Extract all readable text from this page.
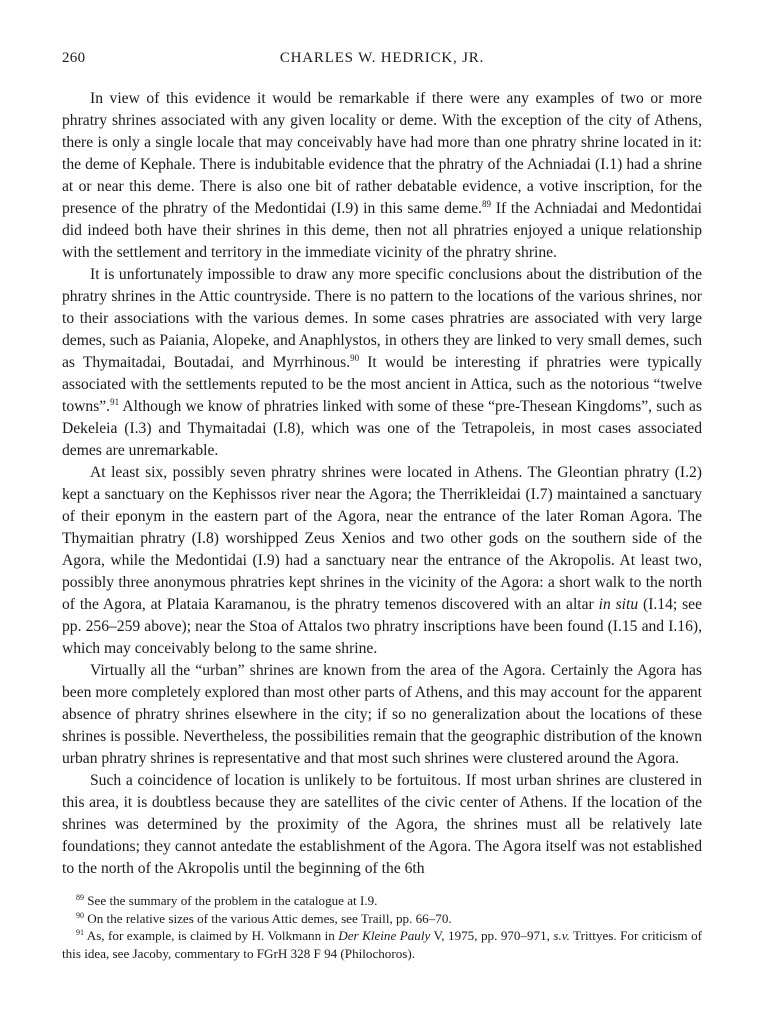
260	CHARLES W. HEDRICK, JR.

In view of this evidence it would be remarkable if there were any examples of two or more phratry shrines associated with any given locality or deme. With the exception of the city of Athens, there is only a single locale that may conceivably have had more than one phratry shrine located in it: the deme of Kephale. There is indubitable evidence that the phratry of the Achniadai (I.1) had a shrine at or near this deme. There is also one bit of rather debatable evidence, a votive inscription, for the presence of the phratry of the Medontidai (I.9) in this same deme.$^{89}$ If the Achniadai and Medontidai did indeed both have their shrines in this deme, then not all phratries enjoyed a unique relationship with the settlement and territory in the immediate vicinity of the phratry shrine.

It is unfortunately impossible to draw any more specific conclusions about the distribution of the phratry shrines in the Attic countryside. There is no pattern to the locations of the various shrines, nor to their associations with the various demes. In some cases phratries are associated with very large demes, such as Paiania, Alopeke, and Anaphlystos, in others they are linked to very small demes, such as Thymaitadai, Boutadai, and Myrrhinous.$^{90}$ It would be interesting if phratries were typically associated with the settlements reputed to be the most ancient in Attica, such as the notorious “twelve towns”.$^{91}$ Although we know of phratries linked with some of these “pre-Thesean Kingdoms”, such as Dekeleia (I.3) and Thymaitadai (I.8), which was one of the Tetrapoleis, in most cases associated demes are unremarkable.

At least six, possibly seven phratry shrines were located in Athens. The Gleontian phratry (I.2) kept a sanctuary on the Kephissos river near the Agora; the Therrikleidai (I.7) maintained a sanctuary of their eponym in the eastern part of the Agora, near the entrance of the later Roman Agora. The Thymaitian phratry (I.8) worshipped Zeus Xenios and two other gods on the southern side of the Agora, while the Medontidai (I.9) had a sanctuary near the entrance of the Akropolis. At least two, possibly three anonymous phratries kept shrines in the vicinity of the Agora: a short walk to the north of the Agora, at Plataia Karamanou, is the phratry temenos discovered with an altar in situ (I.14; see pp. 256–259 above); near the Stoa of Attalos two phratry inscriptions have been found (I.15 and I.16), which may conceivably belong to the same shrine.

Virtually all the “urban” shrines are known from the area of the Agora. Certainly the Agora has been more completely explored than most other parts of Athens, and this may account for the apparent absence of phratry shrines elsewhere in the city; if so no generalization about the locations of these shrines is possible. Nevertheless, the possibilities remain that the geographic distribution of the known urban phratry shrines is representative and that most such shrines were clustered around the Agora.

Such a coincidence of location is unlikely to be fortuitous. If most urban shrines are clustered in this area, it is doubtless because they are satellites of the civic center of Athens. If the location of the shrines was determined by the proximity of the Agora, the shrines must all be relatively late foundations; they cannot antedate the establishment of the Agora. The Agora itself was not established to the north of the Akropolis until the beginning of the 6th

$^{89}$ See the summary of the problem in the catalogue at I.9.

$^{90}$ On the relative sizes of the various Attic demes, see Traill, pp. 66–70.

$^{91}$ As, for example, is claimed by H. Volkmann in Der Kleine Pauly V, 1975, pp. 970–971, s.v. Trittyes. For criticism of this idea, see Jacoby, commentary to FGrH 328 F 94 (Philochoros).
